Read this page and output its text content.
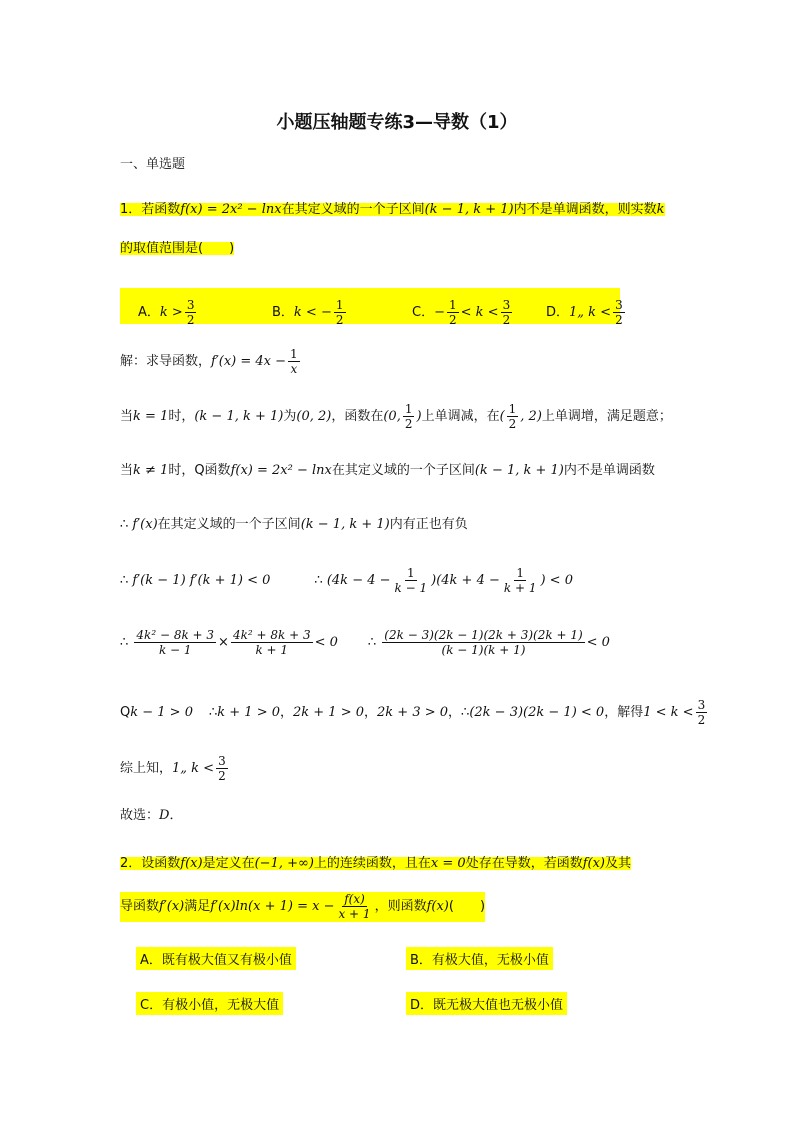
小题压轴题专练3—导数（1）
一、单选题
1．若函数f(x) = 2x² − lnx在其定义域的一个子区间(k − 1, k + 1)内不是单调函数，则实数k
的取值范围是(　　)
A．$k > \frac{3}{2}$	B．k < − $\frac{1}{2}$	C．− $\frac{1}{2} < k < \frac{3}{2}$	D．1„ $k < \frac{3}{2}$
解：求导函数，$f'(x) = 4x - \frac{1}{x}$
当k = 1时，(k − 1, k + 1)为(0, 2)，函数在(0, $\frac{1}{2}$ )上单调减，在( $\frac{1}{2}$ , 2)上单调增，满足题意；
当k ≠ 1时，Q函数f(x) = 2x² − lnx在其定义域的一个子区间(k − 1, k + 1)内不是单调函数
∴ f′(x)在其定义域的一个子区间(k − 1, k + 1)内有正也有负
∴ f′(k − 1) f′(k + 1) < 0	∴ $(4k - 4 - \frac{1}{k - 1} )(4k + 4 - \frac{1}{k + 1}$ ) < 0
∴ $\frac{\text{4k² − 8k + 3}}{k - 1} \times \frac{\text{4k² + 8k + 3}}{k + 1} < 0$ ∴ $\frac{(2k - 3)(2k - 1)(2k + 3)(2k + 1)}{(k - 1)(k + 1)} < 0$
Qk − 1 > 0 ∴k + 1 > 0，2k + 1 > 0，2k + 3 > 0，∴(2k − 3)(2k − 1) < 0，解得$1 < k < \frac{3}{2}$
综上知，1„ $k < \frac{3}{2}$
故选：D．
2．设函数f(x)是定义在(−1, +∞)上的连续函数，且在x = 0处存在导数，若函数f(x)及其
导函数f′(x)满足$f'(x)\ln(x + 1) = x - \frac{f(x)}{x + 1}$ ，则函数f(x)(　　)
A．既有极大值又有极小值	B．有极大值，无极小值
C．有极小值，无极大值	D．既无极大值也无极小值
